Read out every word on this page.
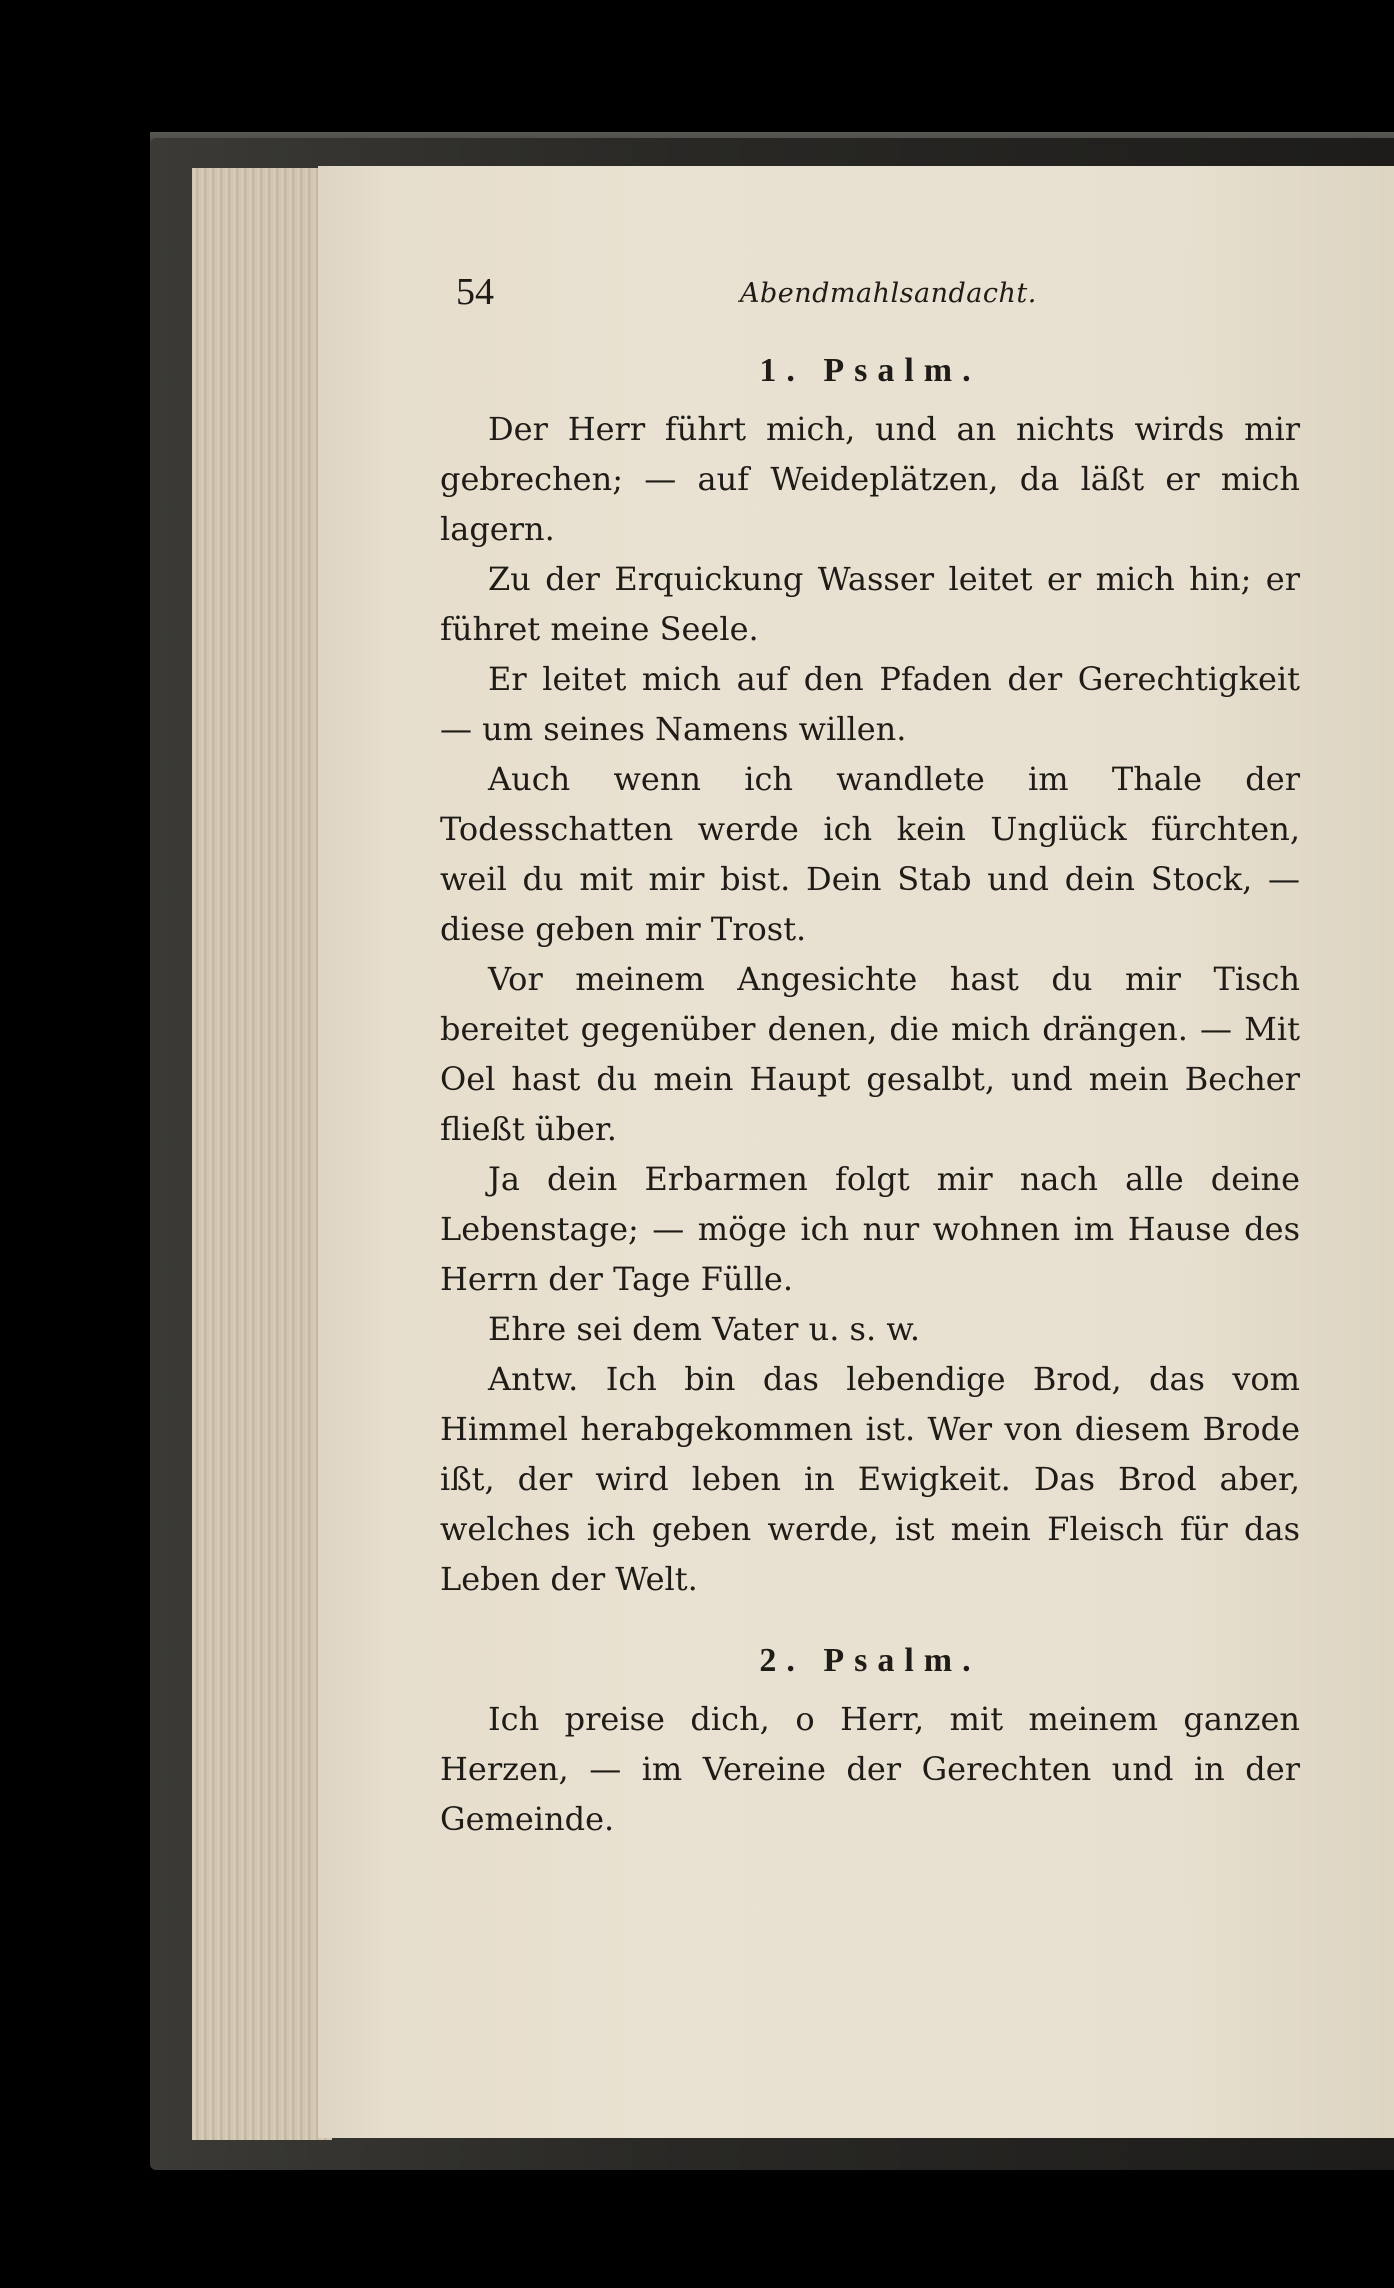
54	Abendmahlsandacht.
1. Psalm.

Der Herr führt mich, und an nichts wirds mir gebrechen; — auf Weideplätzen, da läßt er mich lagern.

Zu der Erquickung Wasser leitet er mich hin; er führet meine Seele.

Er leitet mich auf den Pfaden der Gerechtigkeit — um seines Namens willen.

Auch wenn ich wandlete im Thale der Todesschatten werde ich kein Unglück fürchten, weil du mit mir bist. Dein Stab und dein Stock, — diese geben mir Trost.

Vor meinem Angesichte hast du mir Tisch bereitet gegenüber denen, die mich drängen. — Mit Oel hast du mein Haupt gesalbt, und mein Becher fließt über.

Ja dein Erbarmen folgt mir nach alle deine Lebenstage; — möge ich nur wohnen im Hause des Herrn der Tage Fülle.

Ehre sei dem Vater u. s. w.

Antw. Ich bin das lebendige Brod, das vom Himmel herabgekommen ist. Wer von diesem Brode ißt, der wird leben in Ewigkeit. Das Brod aber, welches ich geben werde, ist mein Fleisch für das Leben der Welt.

2. Psalm.

Ich preise dich, o Herr, mit meinem ganzen Herzen, — im Vereine der Gerechten und in der Gemeinde.
